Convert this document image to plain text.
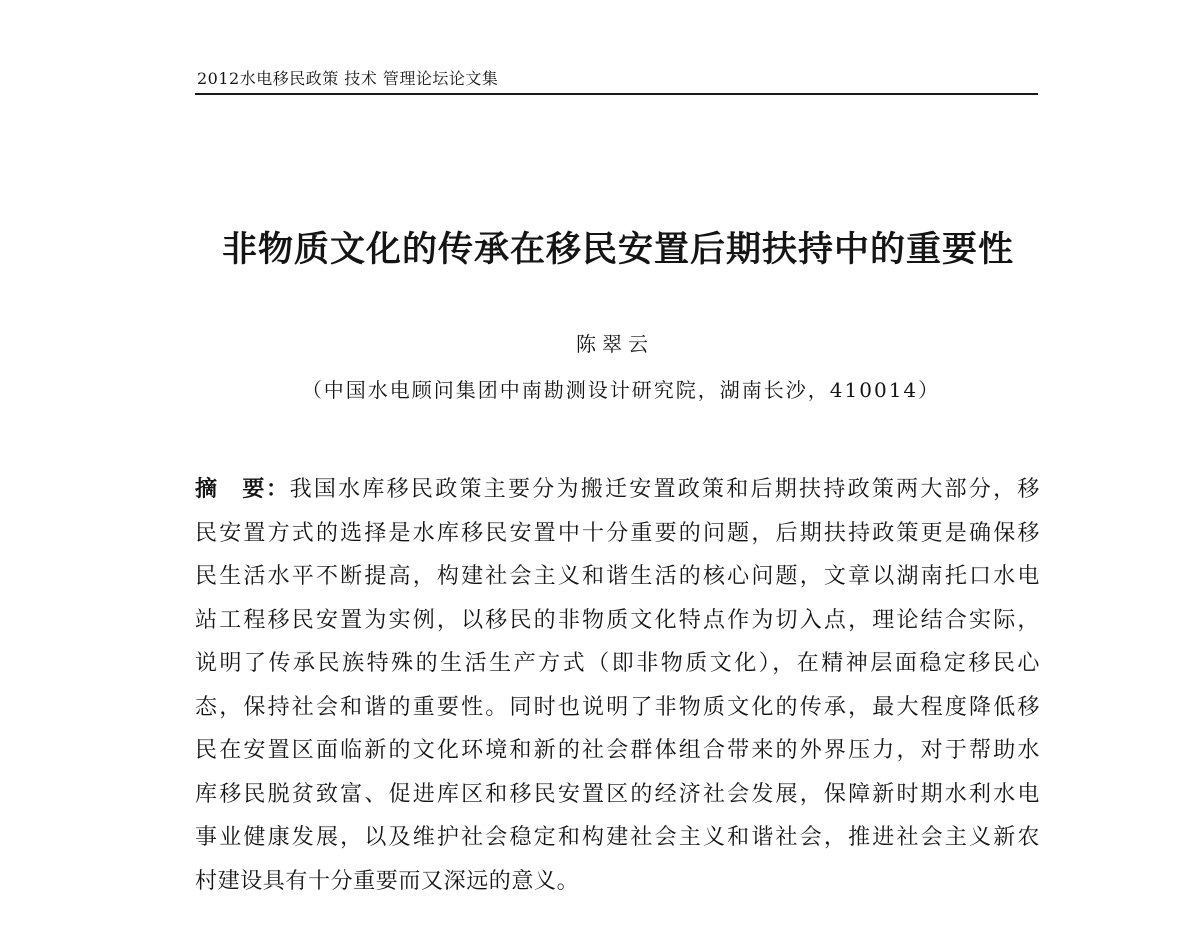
2012水电移民政策 技术 管理论坛论文集
非物质文化的传承在移民安置后期扶持中的重要性
陈翠云
（中国水电顾问集团中南勘测设计研究院，湖南长沙，410014）
摘　要：我国水库移民政策主要分为搬迁安置政策和后期扶持政策两大部分，移
民安置方式的选择是水库移民安置中十分重要的问题，后期扶持政策更是确保移
民生活水平不断提高，构建社会主义和谐生活的核心问题，文章以湖南托口水电
站工程移民安置为实例，以移民的非物质文化特点作为切入点，理论结合实际，
说明了传承民族特殊的生活生产方式（即非物质文化），在精神层面稳定移民心
态，保持社会和谐的重要性。同时也说明了非物质文化的传承，最大程度降低移
民在安置区面临新的文化环境和新的社会群体组合带来的外界压力，对于帮助水
库移民脱贫致富、促进库区和移民安置区的经济社会发展，保障新时期水利水电
事业健康发展，以及维护社会稳定和构建社会主义和谐社会，推进社会主义新农
村建设具有十分重要而又深远的意义。
